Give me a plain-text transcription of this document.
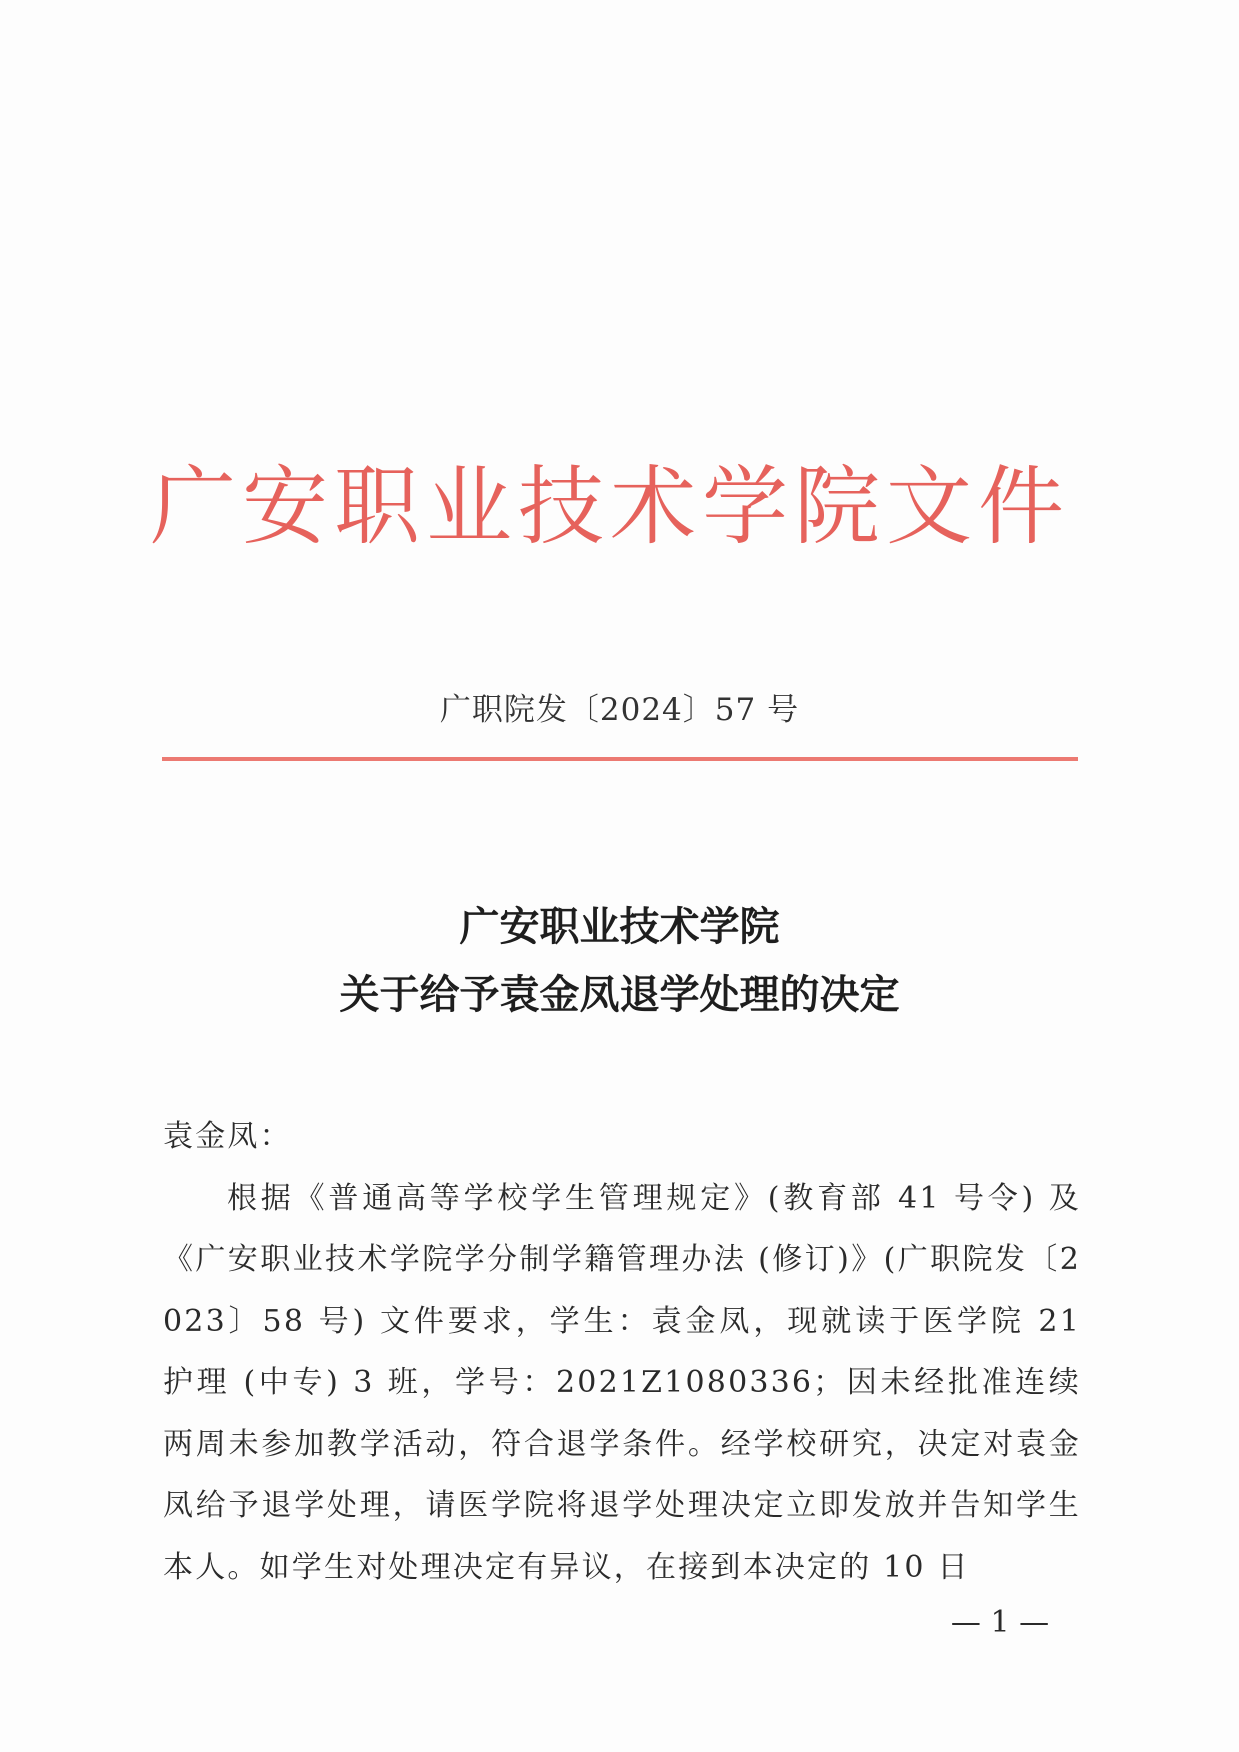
广安职业技术学院文件
广职院发〔2024〕57 号
广安职业技术学院
关于给予袁金凤退学处理的决定

袁金凤：

根据《普通高等学校学生管理规定》(教育部 41 号令) 及《广安职业技术学院学分制学籍管理办法 (修订)》(广职院发〔2023〕58 号) 文件要求，学生：袁金凤，现就读于医学院 21 护理 (中专) 3 班，学号：2021Z1080336；因未经批准连续两周未参加教学活动，符合退学条件。经学校研究，决定对袁金凤给予退学处理，请医学院将退学处理决定立即发放并告知学生本人。如学生对处理决定有异议，在接到本决定的 10 日

— 1 —
